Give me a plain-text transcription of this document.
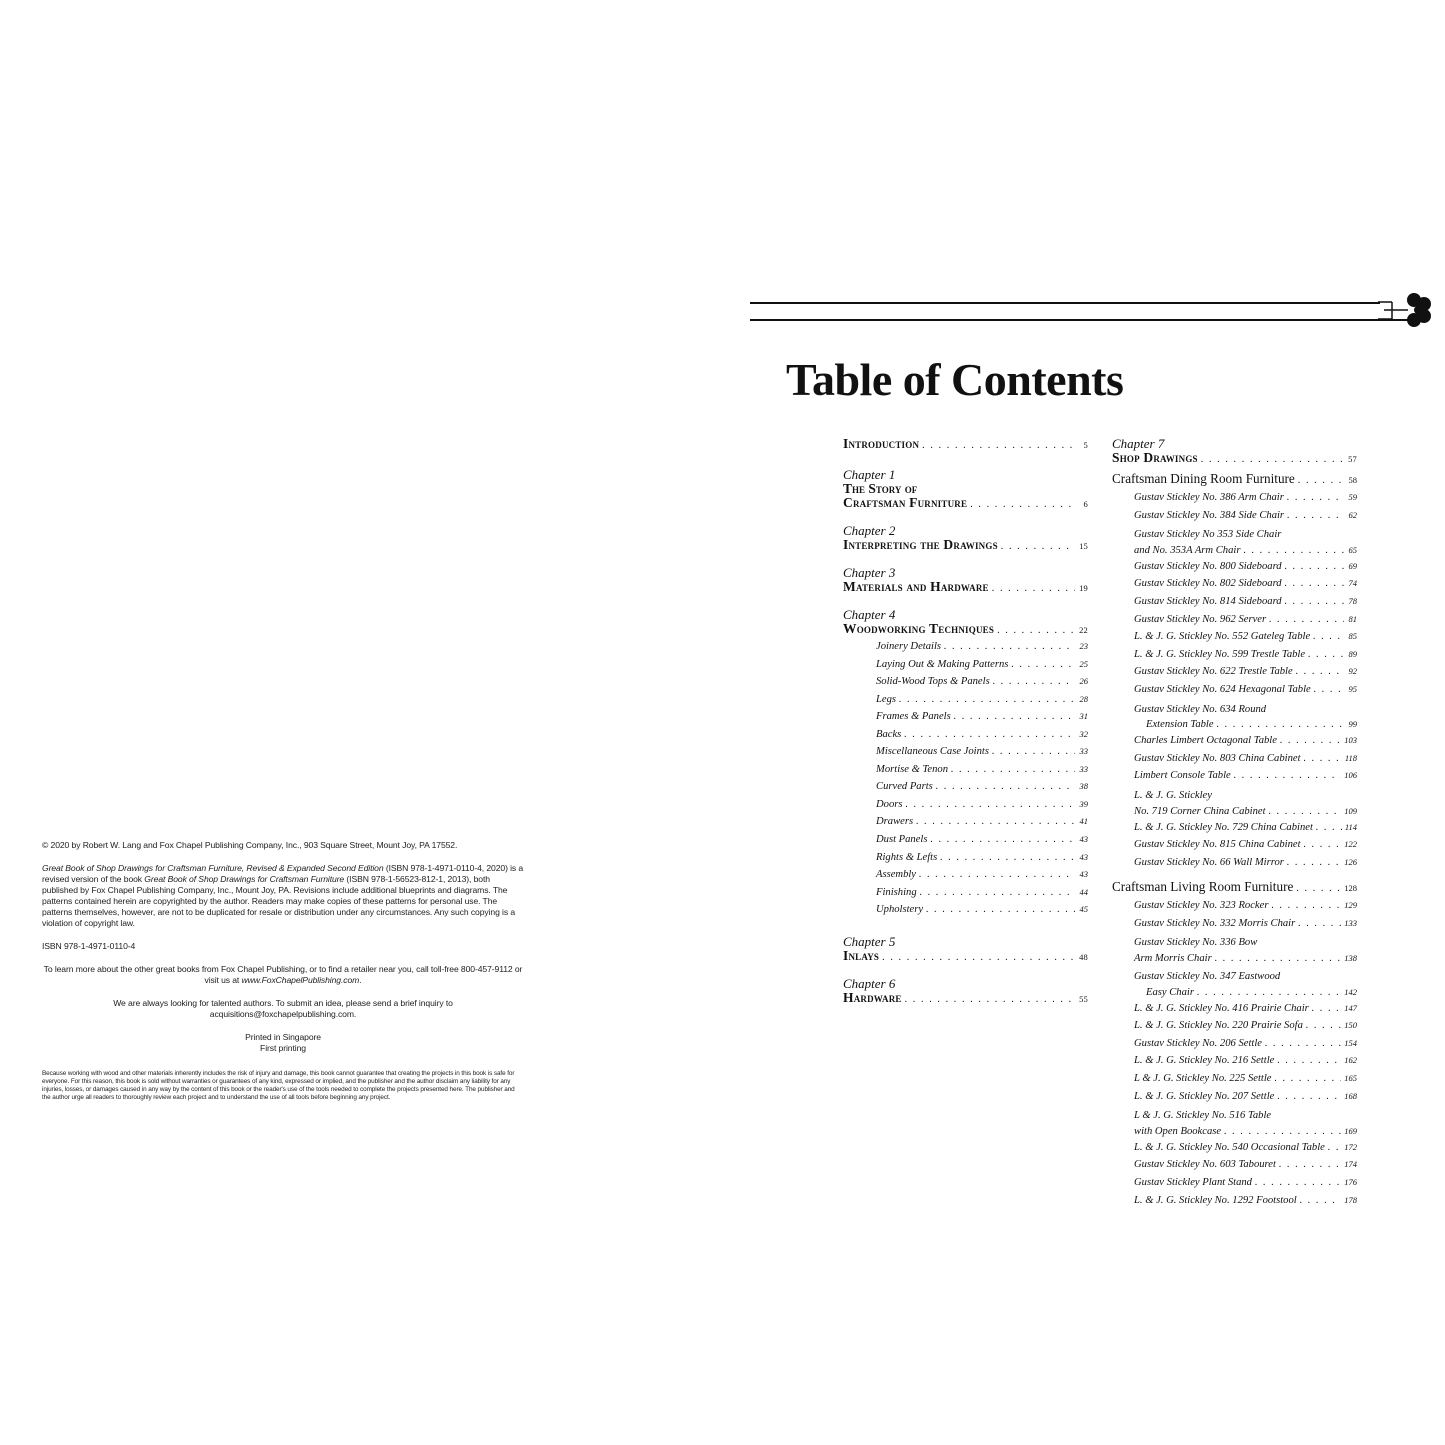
© 2020 by Robert W. Lang and Fox Chapel Publishing Company, Inc., 903 Square Street, Mount Joy, PA 17552.

Great Book of Shop Drawings for Craftsman Furniture, Revised & Expanded Second Edition (ISBN 978-1-4971-0110-4, 2020) is a revised version of the book Great Book of Shop Drawings for Craftsman Furniture (ISBN 978-1-56523-812-1, 2013), both published by Fox Chapel Publishing Company, Inc., Mount Joy, PA. Revisions include additional blueprints and diagrams. The patterns contained herein are copyrighted by the author. Readers may make copies of these patterns for personal use. The patterns themselves, however, are not to be duplicated for resale or distribution under any circumstances. Any such copying is a violation of copyright law.

ISBN 978-1-4971-0110-4

To learn more about the other great books from Fox Chapel Publishing, or to find a retailer near you, call toll-free 800-457-9112 or visit us at www.FoxChapelPublishing.com.

We are always looking for talented authors. To submit an idea, please send a brief inquiry to acquisitions@foxchapelpublishing.com.

Printed in Singapore

First printing

Because working with wood and other materials inherently includes the risk of injury and damage, this book cannot guarantee that creating the projects in this book is safe for everyone. For this reason, this book is sold without warranties or guarantees of any kind, expressed or implied, and the publisher and the author disclaim any liability for any injuries, losses, or damages caused in any way by the content of this book or the reader's use of the tools needed to complete the projects presented here. The publisher and the author urge all readers to thoroughly review each project and to understand the use of all tools before beginning any project.

Table of Contents
Introduction . . .	5
Chapter 1
The Story of
Craftsman Furniture . . .	6
Chapter 2
Interpreting the Drawings . . .	15
Chapter 3
Materials and Hardware . . .	19
Chapter 4
Woodworking Techniques . . .	22
Joinery Details . . .	23
Laying Out & Making Patterns . . .	25
Solid-Wood Tops & Panels . . .	26
Legs . . .	28
Frames & Panels . . .	31
Backs . . .	32
Miscellaneous Case Joints . . .	33
Mortise & Tenon . . .	33
Curved Parts . . .	38
Doors . . .	39
Drawers . . .	41
Dust Panels . . .	43
Rights & Lefts . . .	43
Assembly . . .	43
Finishing . . .	44
Upholstery . . .	45
Chapter 5
Inlays . . .	48
Chapter 6
Hardware . . .	55
Chapter 7
Shop Drawings . . .	57
Craftsman Dining Room Furniture . . .	58
Gustav Stickley No. 386 Arm Chair . . .	59
Gustav Stickley No. 384 Side Chair . . .	62
Gustav Stickley No 353 Side Chair
and No. 353A Arm Chair . . .	65
Gustav Stickley No. 800 Sideboard . . .	69
Gustav Stickley No. 802 Sideboard . . .	74
Gustav Stickley No. 814 Sideboard . . .	78
Gustav Stickley No. 962 Server . . .	81
L. & J. G. Stickley No. 552 Gateleg Table . . .	85
L. & J. G. Stickley No. 599 Trestle Table . . .	89
Gustav Stickley No. 622 Trestle Table . . .	92
Gustav Stickley No. 624 Hexagonal Table . . .	95
Gustav Stickley No. 634 Round
Extension Table . . .	99
Charles Limbert Octagonal Table . . .	103
Gustav Stickley No. 803 China Cabinet . . .	118
Limbert Console Table . . .	106
L. & J. G. Stickley
No. 719 Corner China Cabinet . . .	109
L. & J. G. Stickley No. 729 China Cabinet . . .	114
Gustav Stickley No. 815 China Cabinet . . .	122
Gustav Stickley No. 66 Wall Mirror . . .	126
Craftsman Living Room Furniture . . .	128
Gustav Stickley No. 323 Rocker . . .	129
Gustav Stickley No. 332 Morris Chair . . .	133
Gustav Stickley No. 336 Bow
Arm Morris Chair . . .	138
Gustav Stickley No. 347 Eastwood
Easy Chair . . .	142
L. & J. G. Stickley No. 416 Prairie Chair . . .	147
L. & J. G. Stickley No. 220 Prairie Sofa . . .	150
Gustav Stickley No. 206 Settle . . .	154
L. & J. G. Stickley No. 216 Settle . . .	162
L & J. G. Stickley No. 225 Settle . . .	165
L. & J. G. Stickley No. 207 Settle . . .	168
L & J. G. Stickley No. 516 Table
with Open Bookcase . . .	169
L. & J. G. Stickley No. 540 Occasional Table . . . 172
Gustav Stickley No. 603 Tabouret . . .	174
Gustav Stickley Plant Stand . . .	176
L. & J. G. Stickley No. 1292 Footstool . . .	178
